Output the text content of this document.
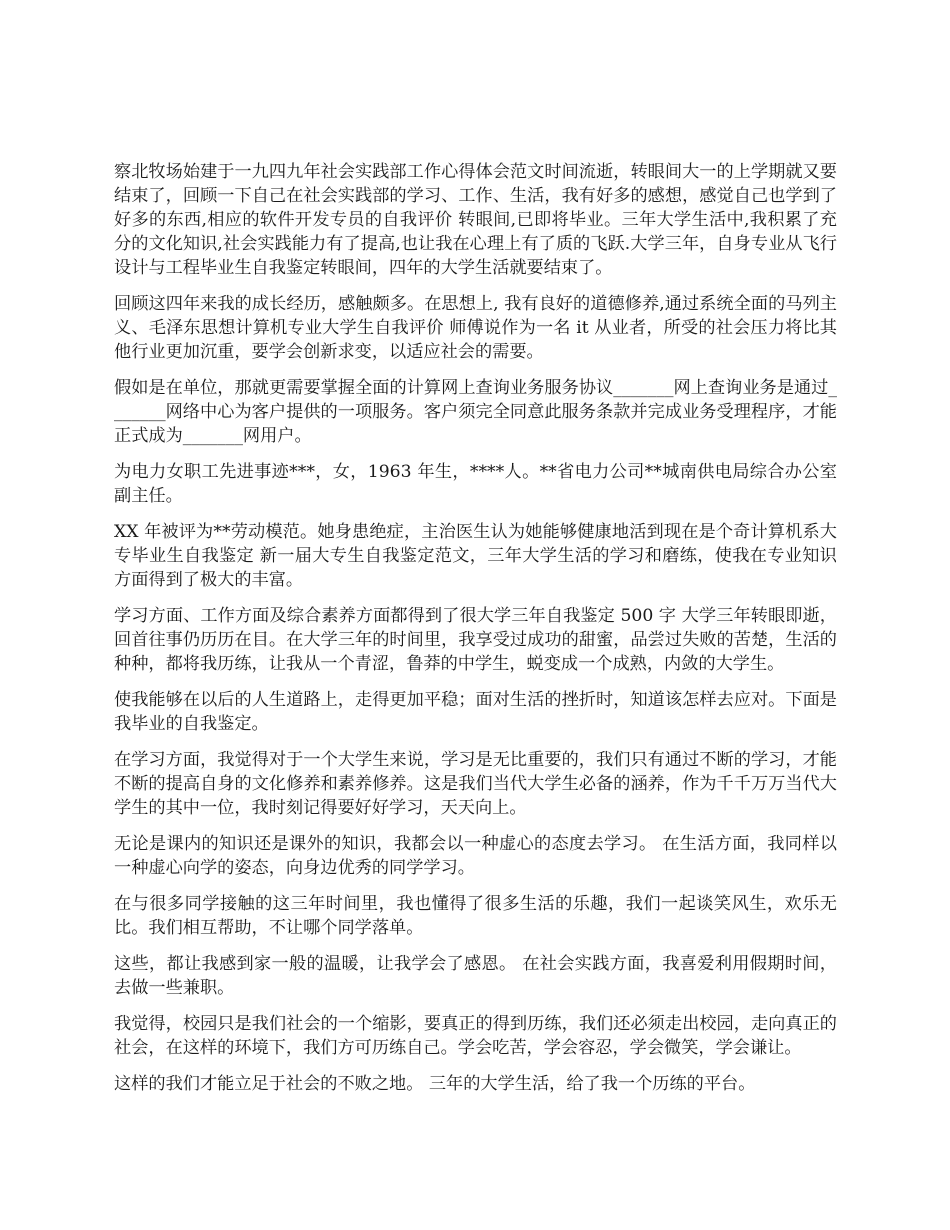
察北牧场始建于一九四九年社会实践部工作心得体会范文时间流逝，转眼间大一的上学期就又要结束了，回顾一下自己在社会实践部的学习、工作、生活，我有好多的感想，感觉自己也学到了好多的东西,相应的软件开发专员的自我评价 转眼间,已即将毕业。三年大学生活中,我积累了充分的文化知识,社会实践能力有了提高,也让我在心理上有了质的飞跃.大学三年，自身专业从飞行设计与工程毕业生自我鉴定转眼间，四年的大学生活就要结束了。

回顾这四年来我的成长经历，感触颇多。在思想上, 我有良好的道德修养,通过系统全面的马列主义、毛泽东思想计算机专业大学生自我评价 师傅说作为一名 it 从业者，所受的社会压力将比其他行业更加沉重，要学会创新求变，以适应社会的需要。

假如是在单位，那就更需要掌握全面的计算网上查询业务服务协议_______网上查询业务是通过_______网络中心为客户提供的一项服务。客户须完全同意此服务条款并完成业务受理程序，才能正式成为_______网用户。

为电力女职工先进事迹***，女，1963 年生，****人。**省电力公司**城南供电局综合办公室副主任。

XX 年被评为**劳动模范。她身患绝症，主治医生认为她能够健康地活到现在是个奇计算机系大专毕业生自我鉴定 新一届大专生自我鉴定范文，三年大学生活的学习和磨练，使我在专业知识方面得到了极大的丰富。

学习方面、工作方面及综合素养方面都得到了很大学三年自我鉴定 500 字 大学三年转眼即逝，回首往事仍历历在目。在大学三年的时间里，我享受过成功的甜蜜，品尝过失败的苦楚，生活的种种，都将我历练，让我从一个青涩，鲁莽的中学生，蜕变成一个成熟，内敛的大学生。

使我能够在以后的人生道路上，走得更加平稳；面对生活的挫折时，知道该怎样去应对。下面是我毕业的自我鉴定。

在学习方面，我觉得对于一个大学生来说，学习是无比重要的，我们只有通过不断的学习，才能不断的提高自身的文化修养和素养修养。这是我们当代大学生必备的涵养，作为千千万万当代大学生的其中一位，我时刻记得要好好学习，天天向上。

无论是课内的知识还是课外的知识，我都会以一种虚心的态度去学习。 在生活方面，我同样以一种虚心向学的姿态，向身边优秀的同学学习。

在与很多同学接触的这三年时间里，我也懂得了很多生活的乐趣，我们一起谈笑风生，欢乐无比。我们相互帮助，不让哪个同学落单。

这些，都让我感到家一般的温暖，让我学会了感恩。 在社会实践方面，我喜爱利用假期时间，去做一些兼职。

我觉得，校园只是我们社会的一个缩影，要真正的得到历练，我们还必须走出校园，走向真正的社会，在这样的环境下，我们方可历练自己。学会吃苦，学会容忍，学会微笑，学会谦让。

这样的我们才能立足于社会的不败之地。 三年的大学生活，给了我一个历练的平台。
